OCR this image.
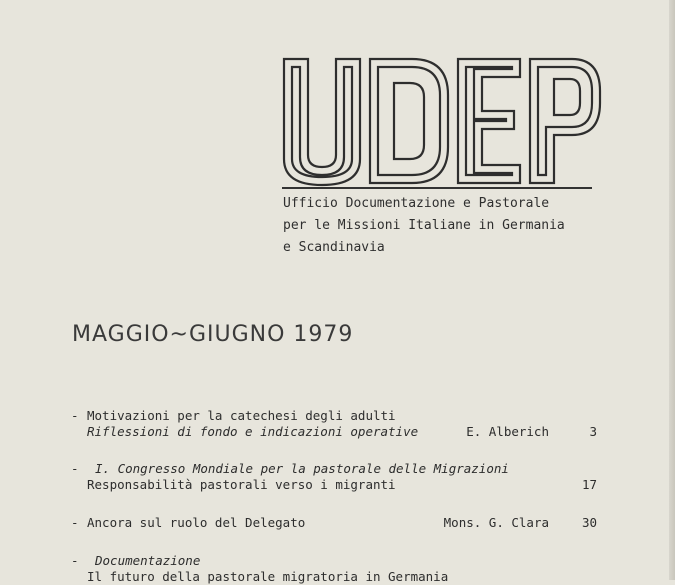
Ufficio Documentazione e Pastorale
per le Missioni Italiane in Germania
e Scandinavia
MAGGIO~GIUGNO 1979
- Motivazioni per la catechesi degli adulti
Riflessioni di fondo e indicazioni operative	E. Alberich	3
- I. Congresso Mondiale per la pastorale delle Migrazioni
Responsabilità pastorali verso i migranti	17
- Ancora sul ruolo del Delegato	Mons. G. Clara	30
- Documentazione
Il futuro della pastorale migratoria in Germania
